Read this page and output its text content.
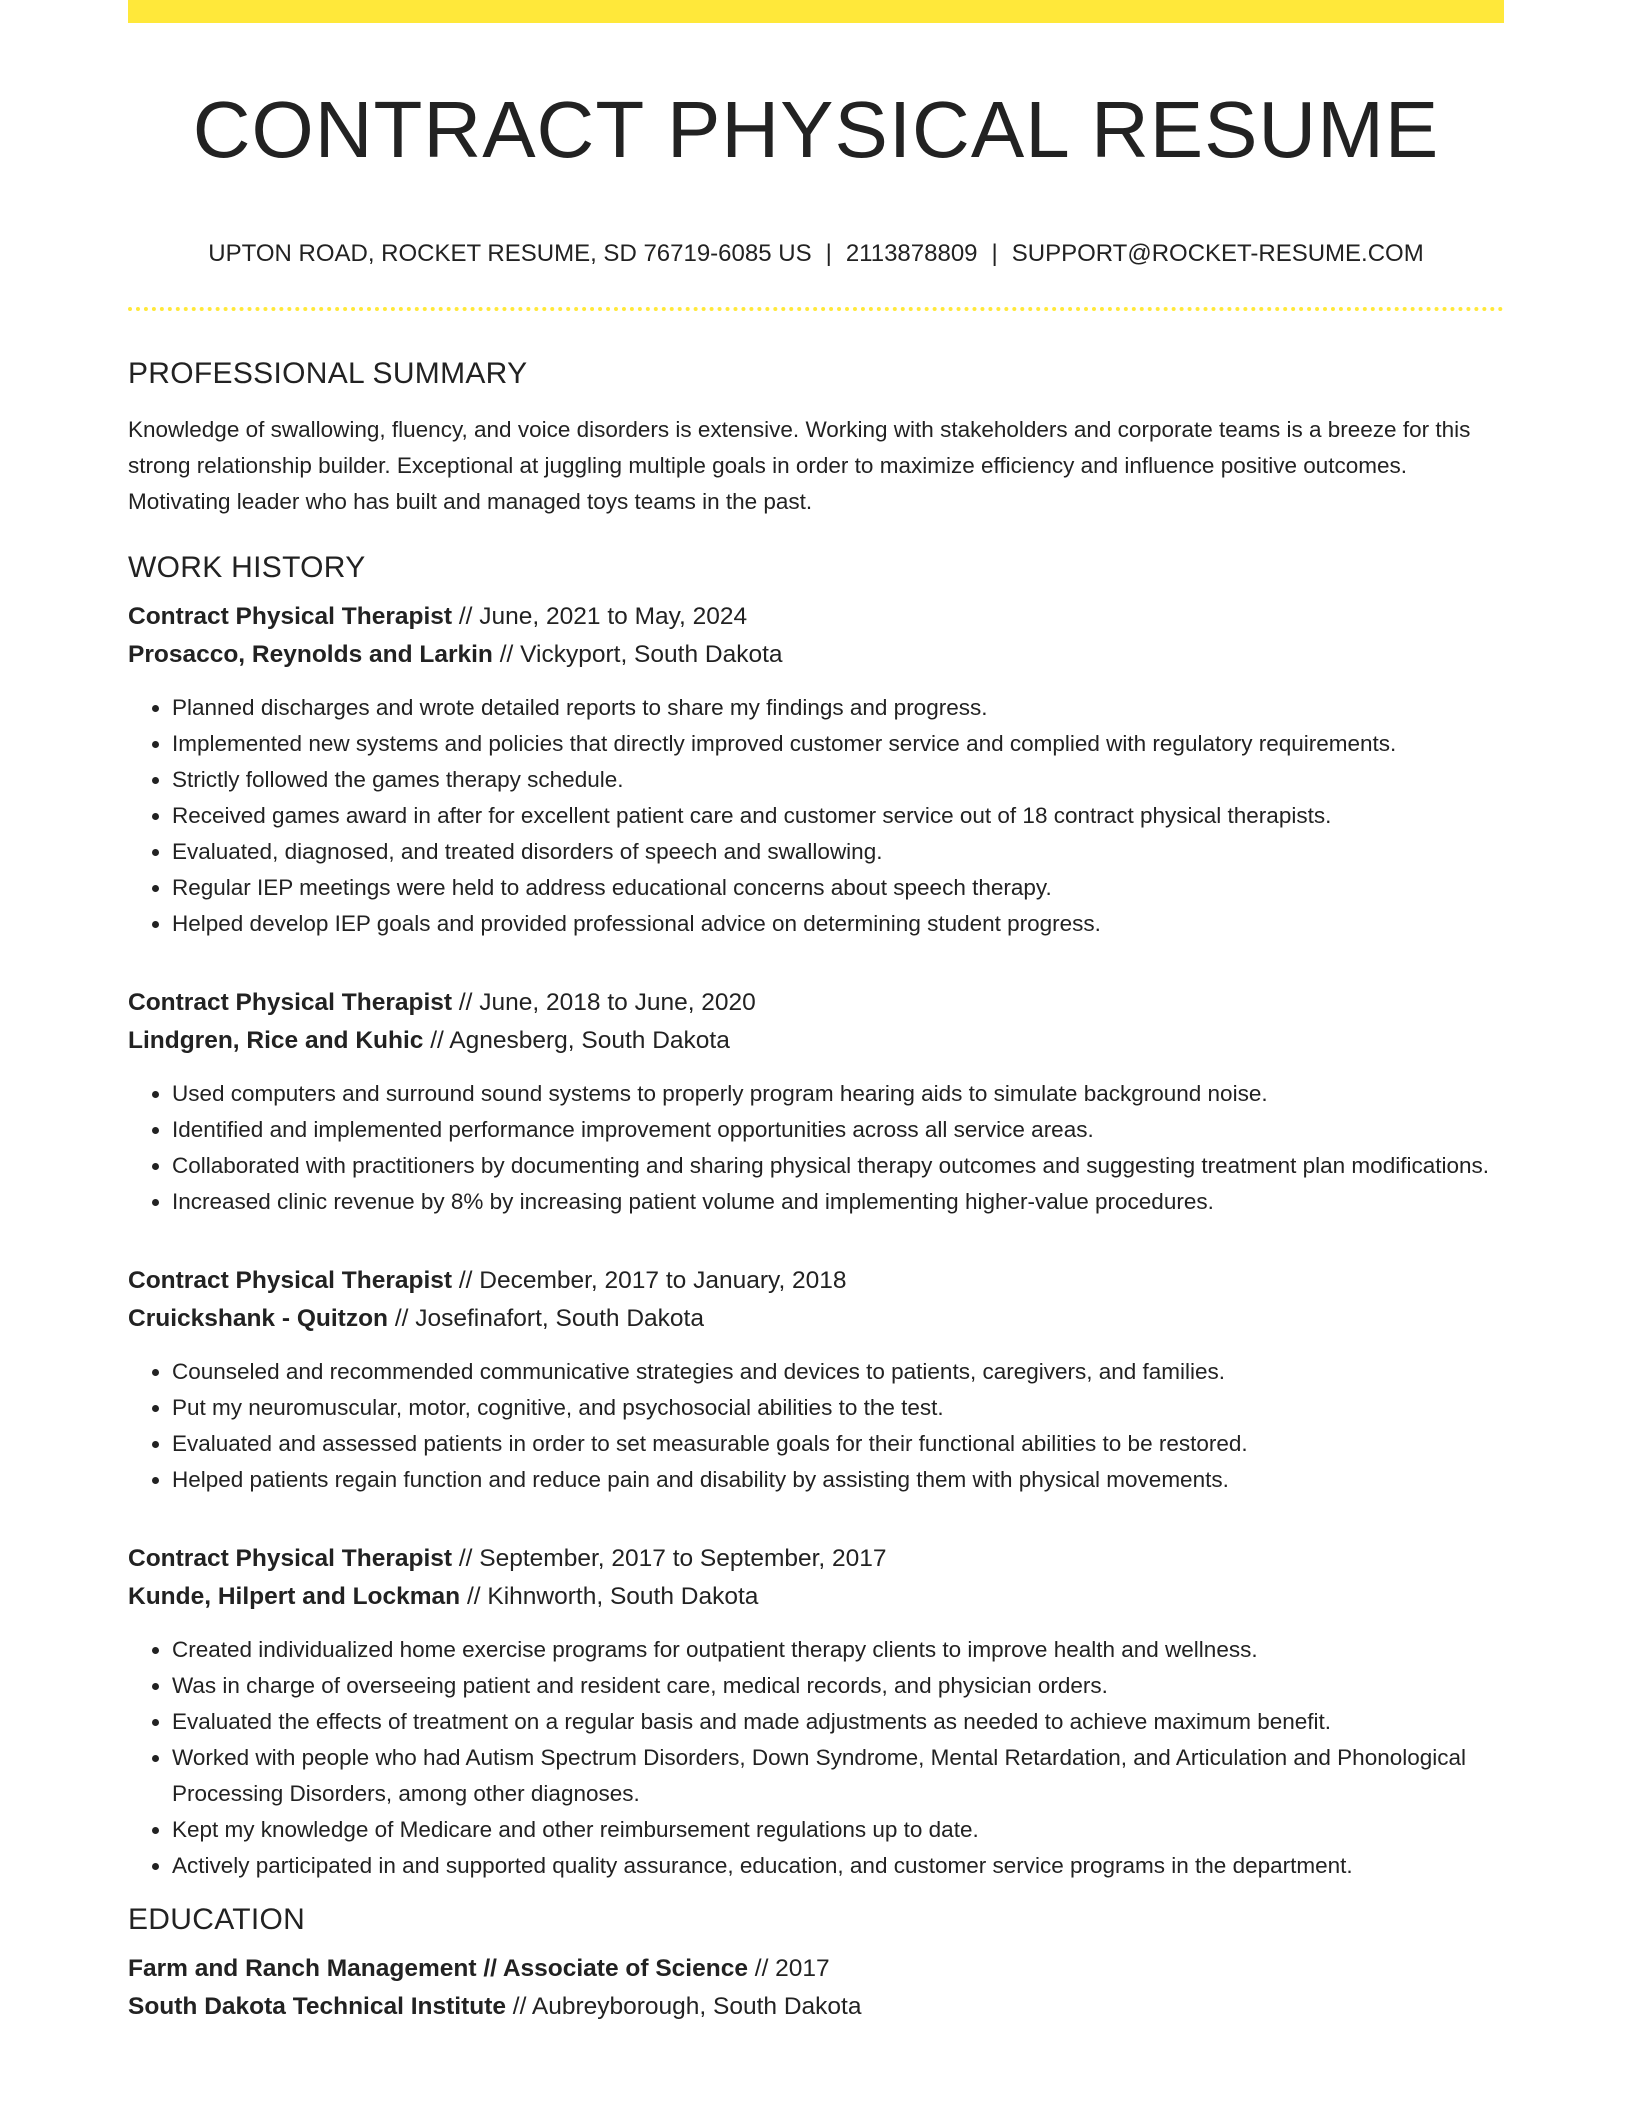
CONTRACT PHYSICAL RESUME
UPTON ROAD, ROCKET RESUME, SD 76719-6085 US | 2113878809 | SUPPORT@ROCKET-RESUME.COM
PROFESSIONAL SUMMARY

Knowledge of swallowing, fluency, and voice disorders is extensive. Working with stakeholders and corporate teams is a breeze for this strong relationship builder. Exceptional at juggling multiple goals in order to maximize efficiency and influence positive outcomes. Motivating leader who has built and managed toys teams in the past.

WORK HISTORY
Contract Physical Therapist // June, 2021 to May, 2024
Prosacco, Reynolds and Larkin // Vickyport, South Dakota
• Planned discharges and wrote detailed reports to share my findings and progress.
• Implemented new systems and policies that directly improved customer service and complied with regulatory requirements.
• Strictly followed the games therapy schedule.
• Received games award in after for excellent patient care and customer service out of 18 contract physical therapists.
• Evaluated, diagnosed, and treated disorders of speech and swallowing.
• Regular IEP meetings were held to address educational concerns about speech therapy.
• Helped develop IEP goals and provided professional advice on determining student progress.
Contract Physical Therapist // June, 2018 to June, 2020
Lindgren, Rice and Kuhic // Agnesberg, South Dakota
• Used computers and surround sound systems to properly program hearing aids to simulate background noise.
• Identified and implemented performance improvement opportunities across all service areas.
• Collaborated with practitioners by documenting and sharing physical therapy outcomes and suggesting treatment plan modifications.
• Increased clinic revenue by 8% by increasing patient volume and implementing higher-value procedures.
Contract Physical Therapist // December, 2017 to January, 2018
Cruickshank - Quitzon // Josefinafort, South Dakota
• Counseled and recommended communicative strategies and devices to patients, caregivers, and families.
• Put my neuromuscular, motor, cognitive, and psychosocial abilities to the test.
• Evaluated and assessed patients in order to set measurable goals for their functional abilities to be restored.
• Helped patients regain function and reduce pain and disability by assisting them with physical movements.
Contract Physical Therapist // September, 2017 to September, 2017
Kunde, Hilpert and Lockman // Kihnworth, South Dakota
• Created individualized home exercise programs for outpatient therapy clients to improve health and wellness.
• Was in charge of overseeing patient and resident care, medical records, and physician orders.
• Evaluated the effects of treatment on a regular basis and made adjustments as needed to achieve maximum benefit.
• Worked with people who had Autism Spectrum Disorders, Down Syndrome, Mental Retardation, and Articulation and Phonological Processing Disorders, among other diagnoses.
• Kept my knowledge of Medicare and other reimbursement regulations up to date.
• Actively participated in and supported quality assurance, education, and customer service programs in the department.
EDUCATION
Farm and Ranch Management // Associate of Science // 2017
South Dakota Technical Institute // Aubreyborough, South Dakota
